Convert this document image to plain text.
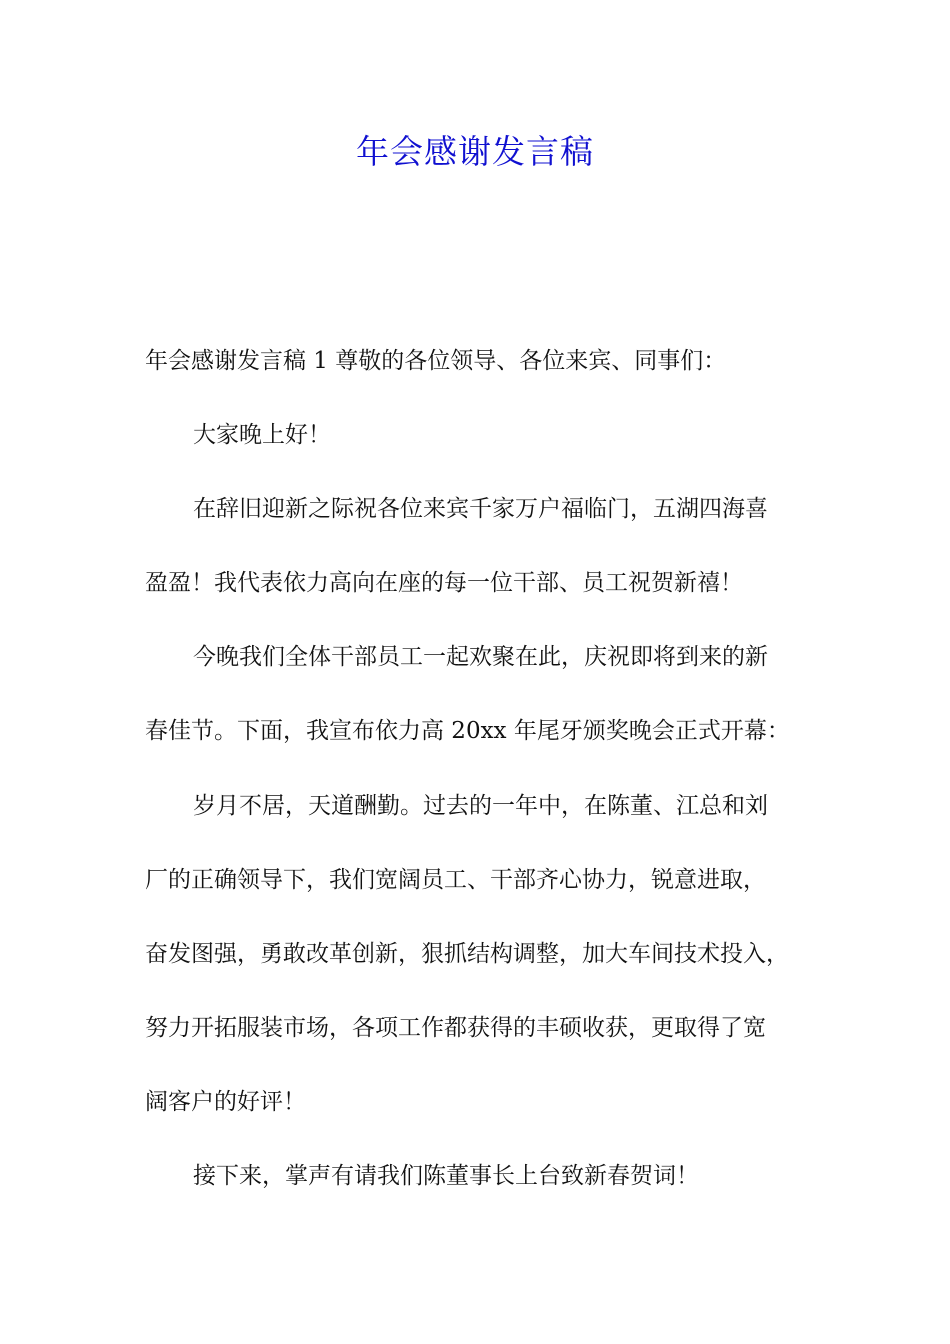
年会感谢发言稿
年会感谢发言稿 1 尊敬的各位领导、各位来宾、同事们：
大家晚上好！
在辞旧迎新之际祝各位来宾千家万户福临门，五湖四海喜
盈盈！我代表依力高向在座的每一位干部、员工祝贺新禧！
今晚我们全体干部员工一起欢聚在此，庆祝即将到来的新
春佳节。下面，我宣布依力高 20xx 年尾牙颁奖晚会正式开幕：
岁月不居，天道酬勤。过去的一年中，在陈董、江总和刘
厂的正确领导下，我们宽阔员工、干部齐心协力，锐意进取，
奋发图强，勇敢改革创新，狠抓结构调整，加大车间技术投入，
努力开拓服装市场，各项工作都获得的丰硕收获，更取得了宽
阔客户的好评！
接下来，掌声有请我们陈董事长上台致新春贺词！
